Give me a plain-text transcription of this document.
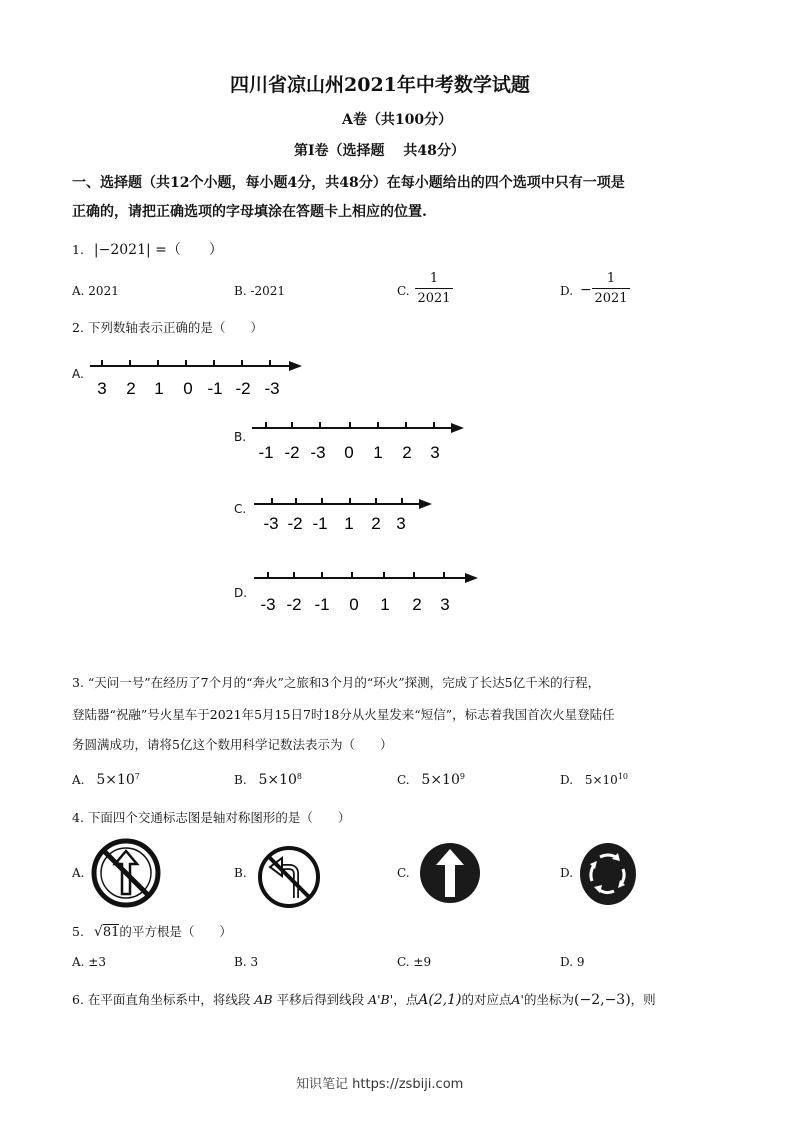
四川省凉山州2021年中考数学试题
A卷（共100分）
第I卷（选择题　 共48分）
一、选择题（共12个小题，每小题4分，共48分）在每小题给出的四个选项中只有一项是
正确的，请把正确选项的字母填涂在答题卡上相应的位置.
1. |−2021| =（　　）
A. 2021	B. -2021	C.
1
2021	D. −
1
2021
2. 下列数轴表示正确的是（　　）
A.
3 2 1 0 -1 -2 -3
B.
-1 -2 -3 0 1 2 3
C.
-3 -2 -1 1 2 3
D.
-3 -2 -1 0 1 2 3
3. “天问一号”在经历了7个月的“奔火”之旅和3个月的“环火”探测，完成了长达5亿千米的行程，
登陆器“祝融”号火星车于2021年5月15日7时18分从火星发来“短信”，标志着我国首次火星登陆任
务圆满成功，请将5亿这个数用科学记数法表示为（　　）
A. $5\times 10^7$	B. $5\times 10^8$	C. $5\times 10^9$	D. $5\times 10^{10}$
4. 下面四个交通标志图是轴对称图形的是（　　）
A.	B.	C.	D.
5. √81的平方根是（　　）
A. ±3	B. 3	C. ±9	D. 9
6. 在平面直角坐标系中，将线段 AB 平移后得到线段 A'B'，点A(2,1)的对应点A'的坐标为(−2,−3)，则
知识笔记 https://zsbiji.com
